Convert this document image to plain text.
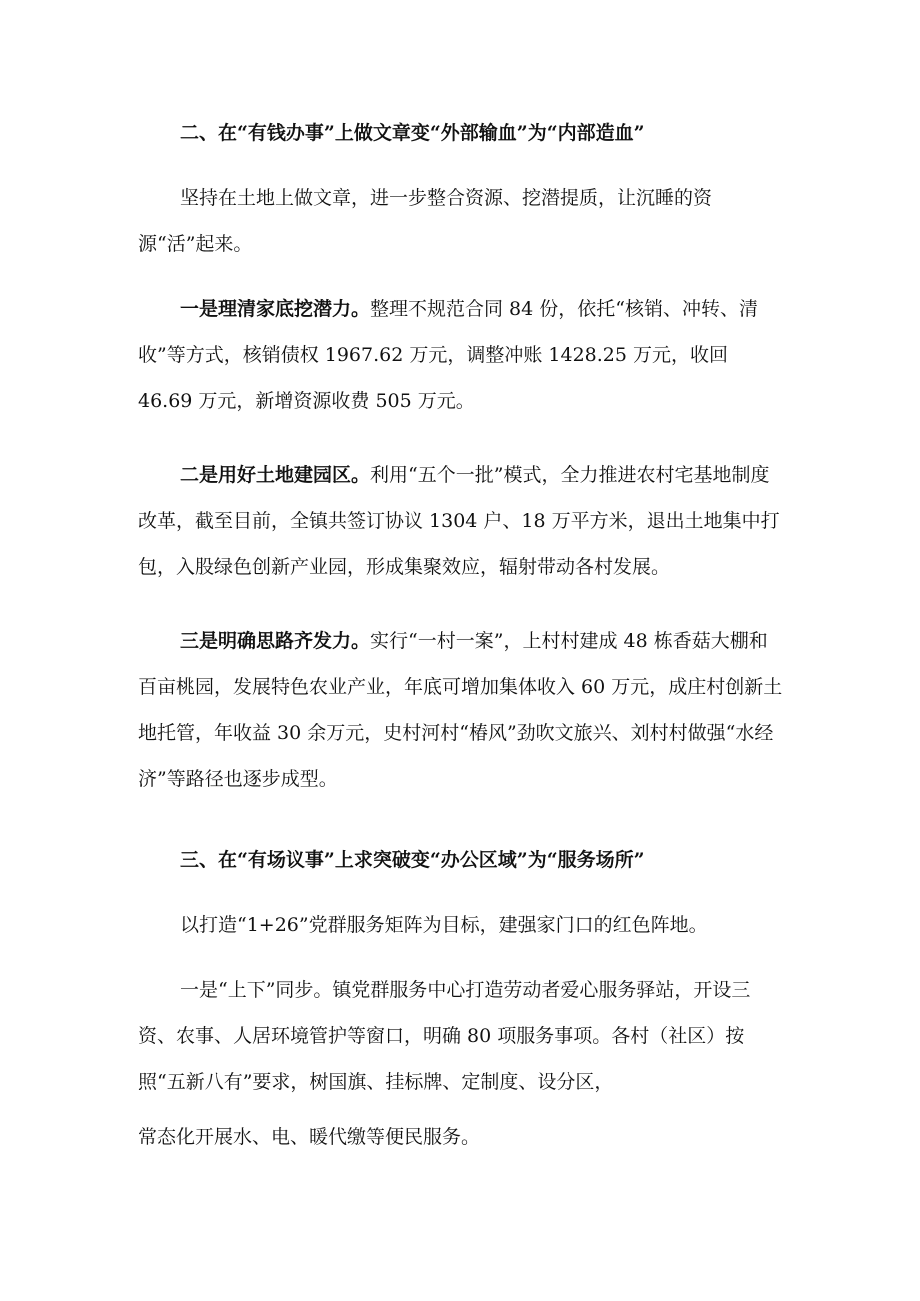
二、在“有钱办事”上做文章变“外部输血”为“内部造血”
坚持在土地上做文章，进一步整合资源、挖潜提质，让沉睡的资源“活”起来。
一是理清家底挖潜力。整理不规范合同 84 份，依托“核销、冲转、清收”等方式，核销债权 1967.62 万元，调整冲账 1428.25 万元，收回 46.69 万元，新增资源收费 505 万元。
二是用好土地建园区。利用“五个一批”模式，全力推进农村宅基地制度改革，截至目前，全镇共签订协议 1304 户、18 万平方米，退出土地集中打包，入股绿色创新产业园，形成集聚效应，辐射带动各村发展。
三是明确思路齐发力。实行“一村一案”，上村村建成 48 栋香菇大棚和百亩桃园，发展特色农业产业，年底可增加集体收入 60 万元，成庄村创新土地托管，年收益 30 余万元，史村河村“椿风”劲吹文旅兴、刘村村做强“水经济”等路径也逐步成型。
三、在“有场议事”上求突破变“办公区域”为“服务场所”
以打造“1+26”党群服务矩阵为目标，建强家门口的红色阵地。
一是“上下”同步。镇党群服务中心打造劳动者爱心服务驿站，开设三资、农事、人居环境管护等窗口，明确 80 项服务事项。各村（社区）按照“五新八有”要求，树国旗、挂标牌、定制度、设分区，
常态化开展水、电、暖代缴等便民服务。
